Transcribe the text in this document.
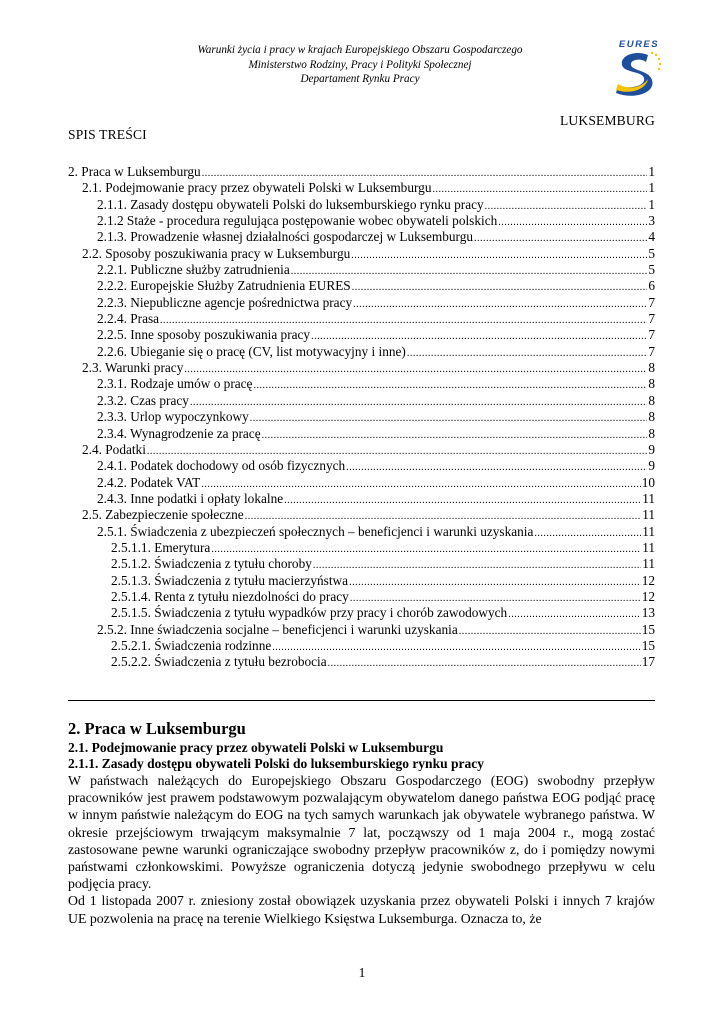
Warunki życia i pracy w krajach Europejskiego Obszaru Gospodarczego
Ministerstwo Rodziny, Pracy i Polityki Społecznej
Departament Rynku Pracy
EURES
LUKSEMBURG
SPIS TREŚCI
2. Praca w Luksemburgu .....	1
2.1. Podejmowanie pracy przez obywateli Polski w Luksemburgu .....	1
2.1.1. Zasady dostępu obywateli Polski do luksemburskiego rynku pracy .....	1
2.1.2 Staże - procedura regulująca postępowanie wobec obywateli polskich .....	3
2.1.3. Prowadzenie własnej działalności gospodarczej w Luksemburgu .....	4
2.2. Sposoby poszukiwania pracy w Luksemburgu .....	5
2.2.1. Publiczne służby zatrudnienia .....	5
2.2.2. Europejskie Służby Zatrudnienia EURES .....	6
2.2.3. Niepubliczne agencje pośrednictwa pracy .....	7
2.2.4. Prasa .....	7
2.2.5. Inne sposoby poszukiwania pracy .....	7
2.2.6. Ubieganie się o pracę (CV, list motywacyjny i inne) .....	7
2.3. Warunki pracy .....	8
2.3.1. Rodzaje umów o pracę .....	8
2.3.2. Czas pracy .....	8
2.3.3. Urlop wypoczynkowy .....	8
2.3.4. Wynagrodzenie za pracę .....	8
2.4. Podatki .....	9
2.4.1. Podatek dochodowy od osób fizycznych .....	9
2.4.2. Podatek VAT .....	10
2.4.3. Inne podatki i opłaty lokalne .....	11
2.5. Zabezpieczenie społeczne .....	11
2.5.1. Świadczenia z ubezpieczeń społecznych – beneficjenci i warunki uzyskania .....	11
2.5.1.1. Emerytura .....	11
2.5.1.2. Świadczenia z tytułu choroby .....	11
2.5.1.3. Świadczenia z tytułu macierzyństwa .....	12
2.5.1.4. Renta z tytułu niezdolności do pracy .....	12
2.5.1.5. Świadczenia z tytułu wypadków przy pracy i chorób zawodowych .....	13
2.5.2. Inne świadczenia socjalne – beneficjenci i warunki uzyskania .....	15
2.5.2.1. Świadczenia rodzinne .....	15
2.5.2.2. Świadczenia z tytułu bezrobocia .....	17
2. Praca w Luksemburgu
2.1. Podejmowanie pracy przez obywateli Polski w Luksemburgu
2.1.1. Zasady dostępu obywateli Polski do luksemburskiego rynku pracy

W państwach należących do Europejskiego Obszaru Gospodarczego (EOG) swobodny przepływ pracowników jest prawem podstawowym pozwalającym obywatelom danego państwa EOG podjąć pracę w innym państwie należącym do EOG na tych samych warunkach jak obywatele wybranego państwa. W okresie przejściowym trwającym maksymalnie 7 lat, począwszy od 1 maja 2004 r., mogą zostać zastosowane pewne warunki ograniczające swobodny przepływ pracowników z, do i pomiędzy nowymi państwami członkowskimi. Powyższe ograniczenia dotyczą jedynie swobodnego przepływu w celu podjęcia pracy.

Od 1 listopada 2007 r. zniesiony został obowiązek uzyskania przez obywateli Polski i innych 7 krajów UE pozwolenia na pracę na terenie Wielkiego Księstwa Luksemburga. Oznacza to, że

1
